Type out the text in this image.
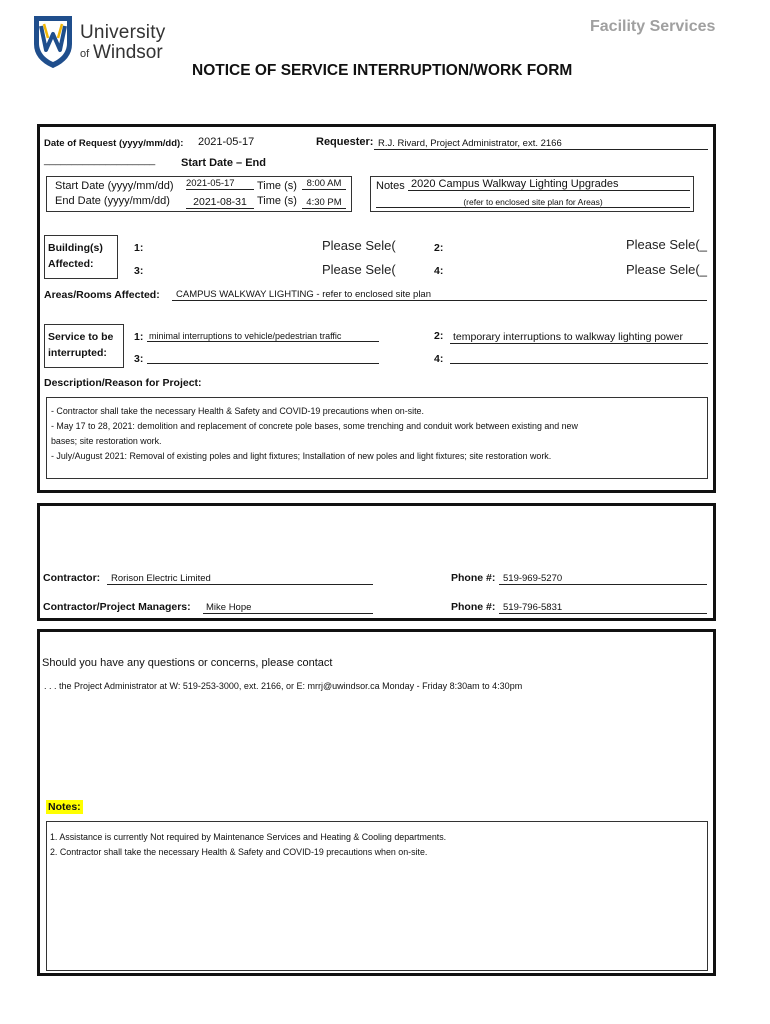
University
of Windsor
Facility Services
NOTICE OF SERVICE INTERRUPTION/WORK FORM
Date of Request (yyyy/mm/dd): 2021-05-17	Requester: R.J. Rivard, Project Administrator, ext. 2166
____________________ Start Date – End
Start Date (yyyy/mm/dd) 2021-05-17	Time (s)	8:00 AM
End Date (yyyy/mm/dd)	2021-08-31 Time (s) 4:30 PM
Notes 2020 Campus Walkway Lighting Upgrades
(refer to enclosed site plan for Areas)
Building(s)
Affected:
1:	Please Sele(	2:	Please Sele(_
3:	Please Sele(	4:	Please Sele(_
Areas/Rooms Affected:	CAMPUS WALKWAY LIGHTING - refer to enclosed site plan
Service to be
interrupted:
1: minimal interruptions to vehicle/pedestrian traffic	2: temporary interruptions to walkway lighting power
3:	4:
Description/Reason for Project:
- Contractor shall take the necessary Health & Safety and COVID-19 precautions when on-site.
- May 17 to 28, 2021: demolition and replacement of concrete pole bases, some trenching and conduit work between existing and new
bases; site restoration work.
- July/August 2021: Removal of existing poles and light fixtures; Installation of new poles and light fixtures; site restoration work.
Contractor:	Rorison Electric Limited	Phone #: 519-969-5270
Contractor/Project Managers:	Mike Hope	Phone #: 519-796-5831
Should you have any questions or concerns, please contact
. . . the Project Administrator at W: 519-253-3000, ext. 2166, or E: mrrj@uwindsor.ca Monday - Friday 8:30am to 4:30pm
Notes:
1. Assistance is currently Not required by Maintenance Services and Heating & Cooling departments.
2. Contractor shall take the necessary Health & Safety and COVID-19 precautions when on-site.
